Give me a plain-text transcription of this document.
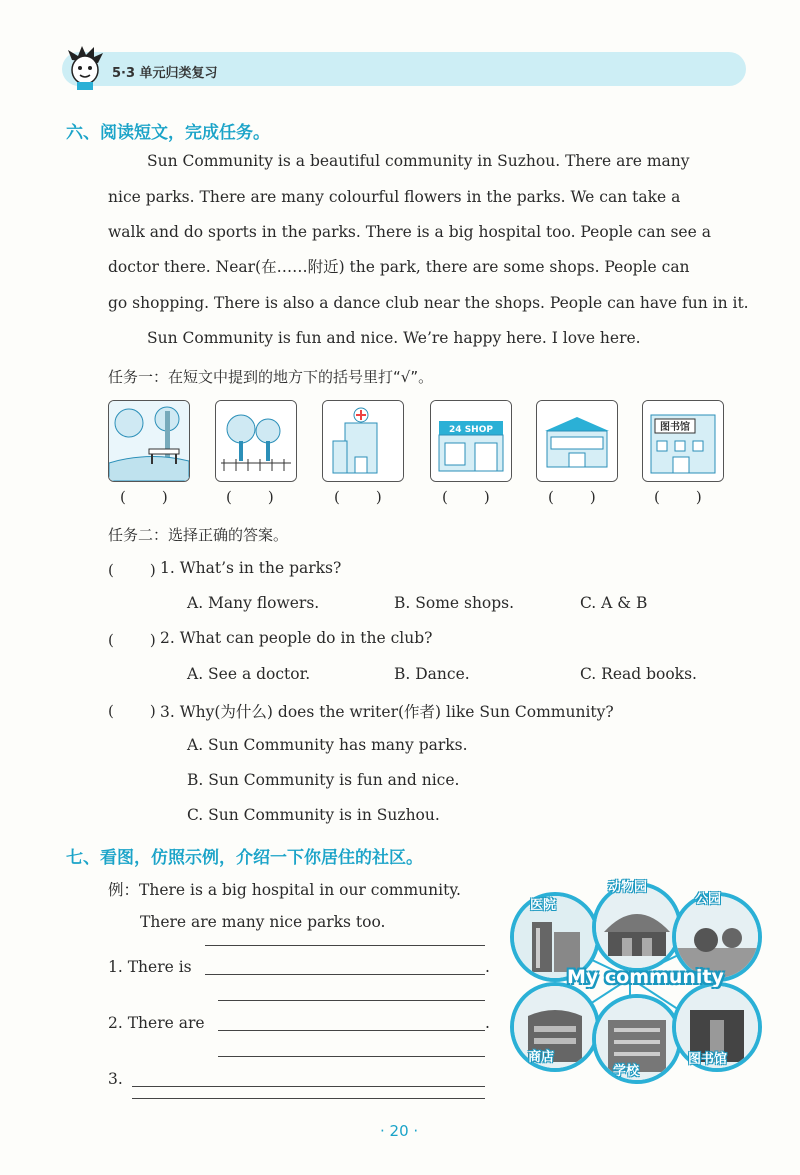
5·3 单元归类复习
六、阅读短文，完成任务。
Sun Community is a beautiful community in Suzhou. There are many
nice parks. There are many colourful flowers in the parks. We can take a
walk and do sports in the parks. There is a big hospital too. People can see a
doctor there. Near(在……附近) the park, there are some shops. People can
go shopping. There is also a dance club near the shops. People can have fun in it.
Sun Community is fun and nice. We’re happy here. I love here.
任务一：在短文中提到的地方下的括号里打“√”。
24 SHOP	图书馆
(　　)	(　　)	(　　)	(　　)	(　　)	(　　)
任务二：选择正确的答案。
(　　) 1. What’s in the parks?
A. Many flowers.	B. Some shops.	C. A & B
(　　) 2. What can people do in the club?
A. See a doctor.	B. Dance.	C. Read books.
(　　) 3. Why(为什么) does the writer(作者) like Sun Community?
A. Sun Community has many parks.
B. Sun Community is fun and nice.
C. Sun Community is in Suzhou.
七、看图，仿照示例，介绍一下你居住的社区。
例：There is a big hospital in our community.
There are many nice parks too.
1. There is	.
2. There are	.
3.
My community
医院
动物园
公园
商店
学校
图书馆
· 20 ·
